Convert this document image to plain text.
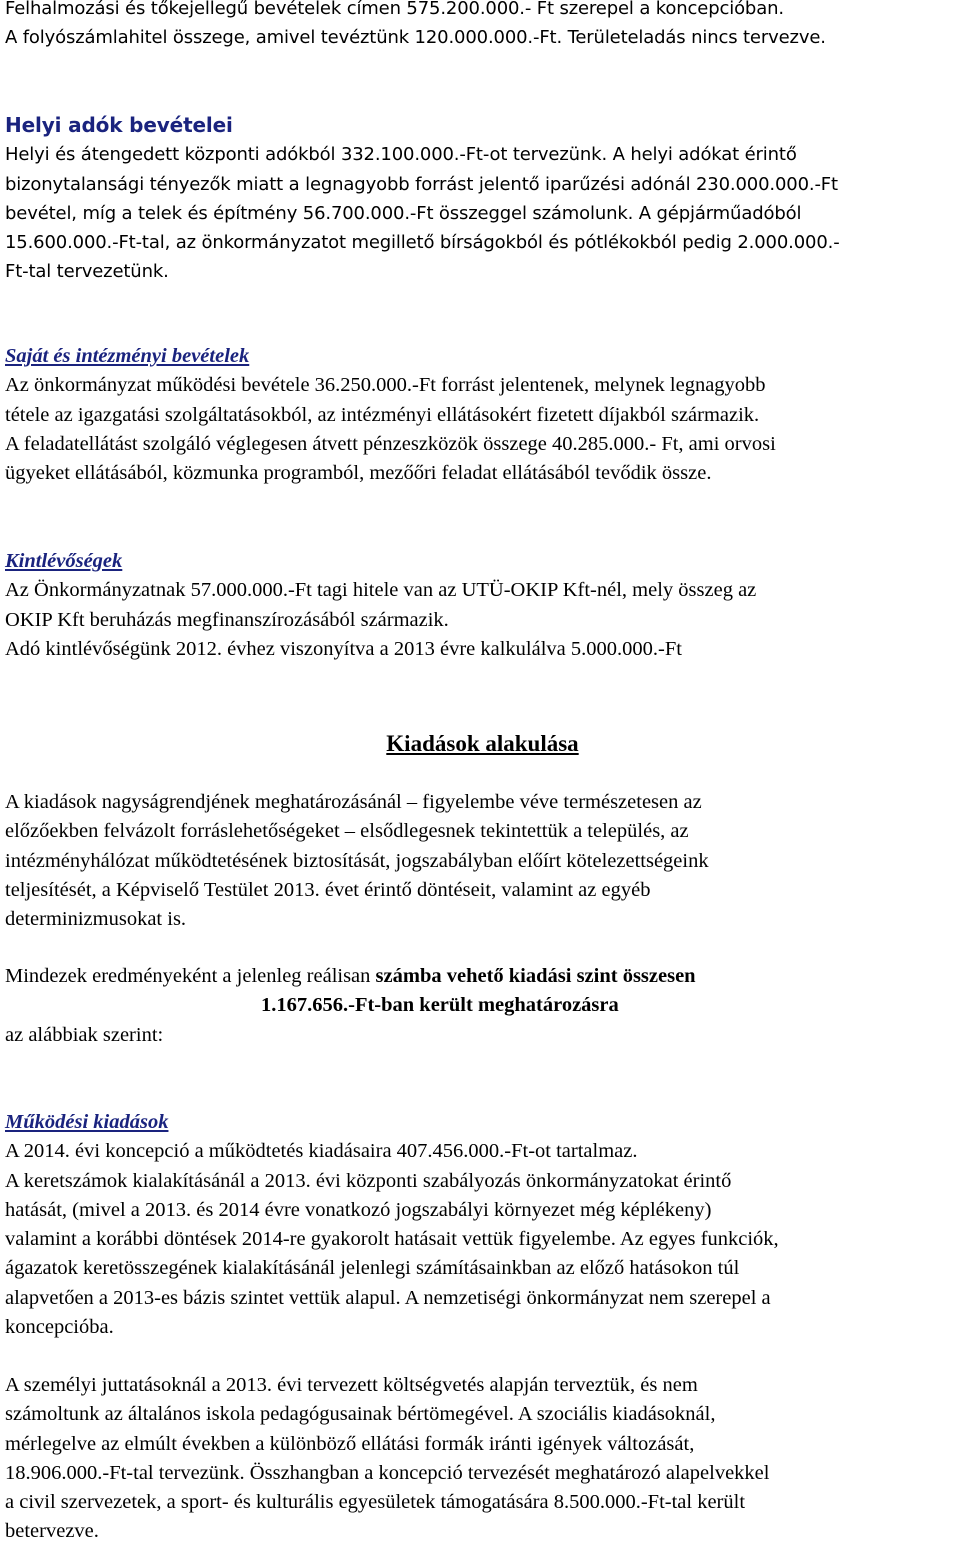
Felhalmozási és tőkejellegű bevételek címen 575.200.000.- Ft szerepel a koncepcióban.
A folyószámlahitel összege, amivel tevéztünk 120.000.000.-Ft. Területeladás nincs tervezve.
Helyi adók bevételei
Helyi és átengedett központi adókból 332.100.000.-Ft-ot tervezünk. A helyi adókat érintő
bizonytalansági tényezők miatt a legnagyobb forrást jelentő iparűzési adónál 230.000.000.-Ft
bevétel, míg a telek és építmény 56.700.000.-Ft összeggel számolunk. A gépjárműadóból
15.600.000.-Ft-tal, az önkormányzatot megillető bírságokból és pótlékokból pedig 2.000.000.-
Ft-tal tervezetünk.
Saját és intézményi bevételek
Az önkormányzat működési bevétele 36.250.000.-Ft forrást jelentenek, melynek legnagyobb
tétele az igazgatási szolgáltatásokból, az intézményi ellátásokért fizetett díjakból származik.
A feladatellátást szolgáló véglegesen átvett pénzeszközök összege 40.285.000.- Ft, ami orvosi
ügyeket ellátásából, közmunka programból, mezőőri feladat ellátásából tevődik össze.
Kintlévőségek
Az Önkormányzatnak 57.000.000.-Ft tagi hitele van az UTÜ-OKIP Kft-nél, mely összeg az
OKIP Kft beruházás megfinanszírozásából származik.
Adó kintlévőségünk 2012. évhez viszonyítva a 2013 évre kalkulálva 5.000.000.-Ft
Kiadások alakulása
A kiadások nagyságrendjének meghatározásánál – figyelembe véve természetesen az
előzőekben felvázolt forráslehetőségeket – elsődlegesnek tekintettük a település, az
intézményhálózat működtetésének biztosítását, jogszabályban előírt kötelezettségeink
teljesítését, a Képviselő Testület 2013. évet érintő döntéseit, valamint az egyéb
determinizmusokat is.
Mindezek eredményeként a jelenleg reálisan számba vehető kiadási szint összesen
1.167.656.-Ft-ban került meghatározásra
az alábbiak szerint:
Működési kiadások
A 2014. évi koncepció a működtetés kiadásaira 407.456.000.-Ft-ot tartalmaz.
A keretszámok kialakításánál a 2013. évi központi szabályozás önkormányzatokat érintő
hatását, (mivel a 2013. és 2014 évre vonatkozó jogszabályi környezet még képlékeny)
valamint a korábbi döntések 2014-re gyakorolt hatásait vettük figyelembe. Az egyes funkciók,
ágazatok keretösszegének kialakításánál jelenlegi számításainkban az előző hatásokon túl
alapvetően a 2013-es bázis szintet vettük alapul. A nemzetiségi önkormányzat nem szerepel a
koncepcióba.
A személyi juttatásoknál a 2013. évi tervezett költségvetés alapján terveztük, és nem
számoltunk az általános iskola pedagógusainak bértömegével. A szociális kiadásoknál,
mérlegelve az elmúlt években a különböző ellátási formák iránti igények változását,
18.906.000.-Ft-tal tervezünk. Összhangban a koncepció tervezését meghatározó alapelvekkel
a civil szervezetek, a sport- és kulturális egyesületek támogatására 8.500.000.-Ft-tal került
betervezve.
